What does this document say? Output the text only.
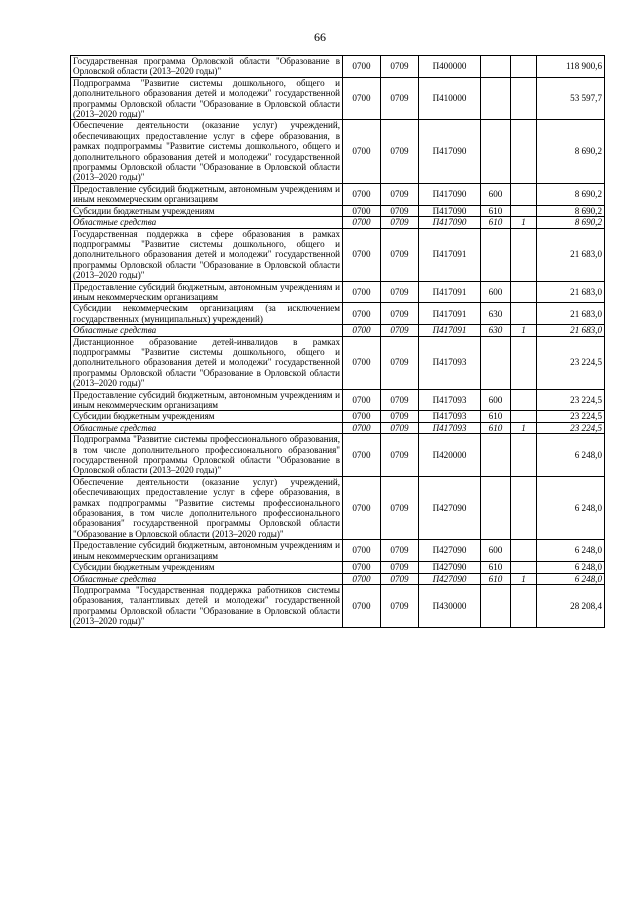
66
Государственная программа Орловской области "Образование в Орловской области (2013–2020 годы)"	0700	0709	П400000			118 900,6
Подпрограмма "Развитие системы дошкольного, общего и дополнительного образования детей и молодежи" государственной программы Орловской области "Образование в Орловской области (2013–2020 годы)"	0700	0709	П410000			53 597,7
Обеспечение деятельности (оказание услуг) учреждений, обеспечивающих предоставление услуг в сфере образования, в рамках подпрограммы "Развитие системы дошкольного, общего и дополнительного образования детей и молодежи" государственной программы Орловской области "Образование в Орловской области (2013–2020 годы)"	0700	0709	П417090			8 690,2
Предоставление субсидий бюджетным, автономным учреждениям и иным некоммерческим организациям	0700	0709	П417090	600		8 690,2
Субсидии бюджетным учреждениям	0700	0709	П417090	610		8 690,2
Областные средства	0700	0709	П417090	610	1	8 690,2
Государственная поддержка в сфере образования в рамках подпрограммы "Развитие системы дошкольного, общего и дополнительного образования детей и молодежи" государственной программы Орловской области "Образование в Орловской области (2013–2020 годы)"	0700	0709	П417091			21 683,0
Предоставление субсидий бюджетным, автономным учреждениям и иным некоммерческим организациям	0700	0709	П417091	600		21 683,0
Субсидии некоммерческим организациям (за исключением государственных (муниципальных) учреждений)	0700	0709	П417091	630		21 683,0
Областные средства	0700	0709	П417091	630	1	21 683,0
Дистанционное образование детей-инвалидов в рамках подпрограммы "Развитие системы дошкольного, общего и дополнительного образования детей и молодежи" государственной программы Орловской области "Образование в Орловской области (2013–2020 годы)"	0700	0709	П417093			23 224,5
Предоставление субсидий бюджетным, автономным учреждениям и иным некоммерческим организациям	0700	0709	П417093	600		23 224,5
Субсидии бюджетным учреждениям	0700	0709	П417093	610		23 224,5
Областные средства	0700	0709	П417093	610	1	23 224,5
Подпрограмма "Развитие системы профессионального образования, в том числе дополнительного профессионального образования" государственной программы Орловской области "Образование в Орловской области (2013–2020 годы)"	0700	0709	П420000			6 248,0
Обеспечение деятельности (оказание услуг) учреждений, обеспечивающих предоставление услуг в сфере образования, в рамках подпрограммы "Развитие системы профессионального образования, в том числе дополнительного профессионального образования" государственной программы Орловской области "Образование в Орловской области (2013–2020 годы)"	0700	0709	П427090			6 248,0
Предоставление субсидий бюджетным, автономным учреждениям и иным некоммерческим организациям	0700	0709	П427090	600		6 248,0
Субсидии бюджетным учреждениям	0700	0709	П427090	610		6 248,0
Областные средства	0700	0709	П427090	610	1	6 248,0
Подпрограмма "Государственная поддержка работников системы образования, талантливых детей и молодежи" государственной программы Орловской области "Образование в Орловской области (2013–2020 годы)"	0700	0709	П430000			28 208,4
